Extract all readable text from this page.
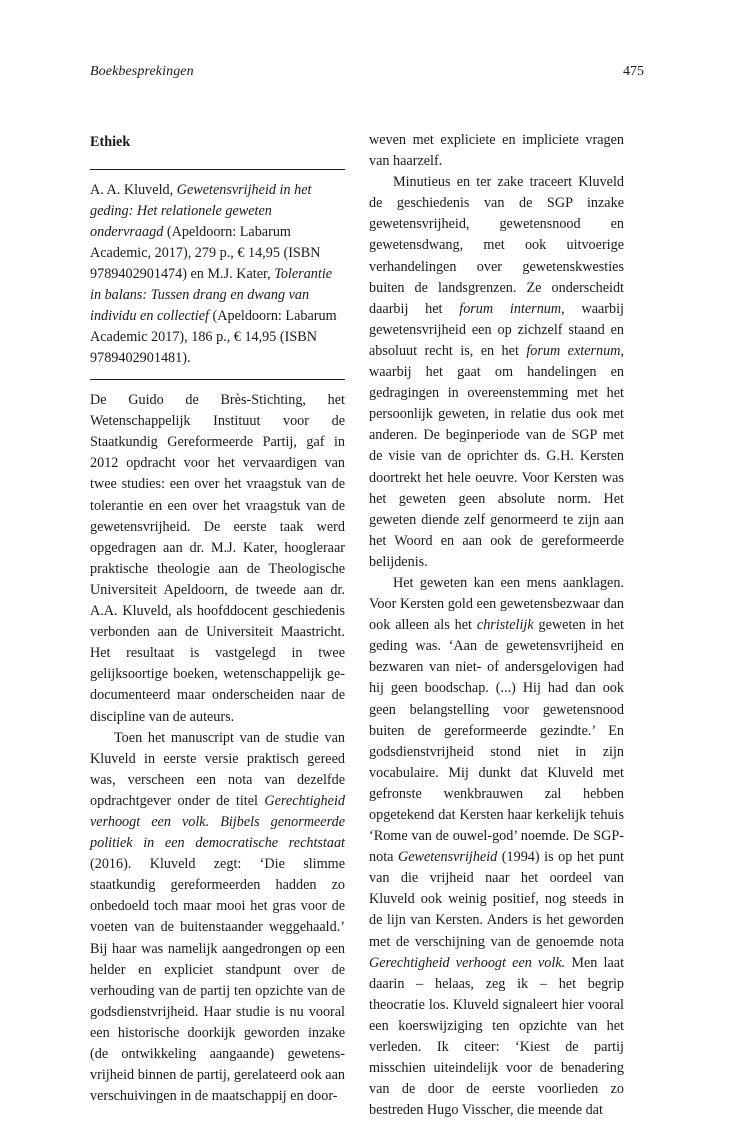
Boekbesprekingen	475
Ethiek

A. A. Kluveld, Gewetensvrijheid in het geding: Het relationele geweten ondervraagd (Apeldoorn: Labarum Academic, 2017), 279 p., € 14,95 (ISBN 9789402901474) en M.J. Kater, Tolerantie in balans: Tussen drang en dwang van individu en collectief (Apeldoorn: Labarum Academic 2017), 186 p., € 14,95 (ISBN 9789402901481).

De Guido de Brès-Stichting, het Wetenschappelijk Instituut voor de Staatkundig Gereformeerde Partij, gaf in 2012 opdracht voor het vervaardigen van twee studies: een over het vraagstuk van de tolerantie en een over het vraagstuk van de gewetensvrijheid. De eerste taak werd opgedragen aan dr. M.J. Kater, hoogleraar praktische theologie aan de Theologische Universiteit Apeldoorn, de tweede aan dr. A.A. Kluveld, als hoofddocent geschiedenis verbonden aan de Universiteit Maastricht. Het resultaat is vastgelegd in twee gelijksoortige boeken, wetenschappelijk gedocumenteerd maar onderscheiden naar de discipline van de auteurs.

Toen het manuscript van de studie van Kluveld in eerste versie praktisch gereed was, verscheen een nota van dezelfde opdrachtgever onder de titel Gerechtigheid verhoogt een volk. Bijbels genormeerde politiek in een democratische rechtstaat (2016). Kluveld zegt: ‘Die slimme staatkundig gereformeerden hadden zo onbedoeld toch maar mooi het gras voor de voeten van de buitenstaander weggehaald.’ Bij haar was namelijk aangedrongen op een helder en expliciet standpunt over de verhouding van de partij ten opzichte van de godsdienstvrijheid. Haar studie is nu vooral een historische doorkijk geworden inzake (de ontwikkeling aangaande) gewetensvrijheid binnen de partij, gerelateerd ook aan verschuivingen in de maatschappij en door-

weven met expliciete en impliciete vragen van haarzelf.

Minutieus en ter zake traceert Kluveld de geschiedenis van de SGP inzake gewetensvrijheid, gewetensnood en gewetensdwang, met ook uitvoerige verhandelingen over gewetenskwesties buiten de landsgrenzen. Ze onderscheidt daarbij het forum internum, waarbij gewetensvrijheid een op zichzelf staand en absoluut recht is, en het forum externum, waarbij het gaat om handelingen en gedragingen in overeenstemming met het persoonlijk geweten, in relatie dus ook met anderen. De beginperiode van de SGP met de visie van de oprichter ds. G.H. Kersten doortrekt het hele oeuvre. Voor Kersten was het geweten geen absolute norm. Het geweten diende zelf genormeerd te zijn aan het Woord en aan ook de gereformeerde belijdenis.

Het geweten kan een mens aanklagen. Voor Kersten gold een gewetensbezwaar dan ook alleen als het christelijk geweten in het geding was. ‘Aan de gewetensvrijheid en bezwaren van niet- of andersgelovigen had hij geen boodschap. (...) Hij had dan ook geen belangstelling voor gewetensnood buiten de gereformeerde gezindte.’ En godsdienstvrijheid stond niet in zijn vocabulaire. Mij dunkt dat Kluveld met gefronste wenkbrauwen zal hebben opgetekend dat Kersten haar kerkelijk tehuis ‘Rome van de ouwel-god’ noemde. De SGP-nota Gewetensvrijheid (1994) is op het punt van die vrijheid naar het oordeel van Kluveld ook weinig positief, nog steeds in de lijn van Kersten. Anders is het geworden met de verschijning van de genoemde nota Gerechtigheid verhoogt een volk. Men laat daarin – helaas, zeg ik – het begrip theocratie los. Kluveld signaleert hier vooral een koerswijziging ten opzichte van het verleden. Ik citeer: ‘Kiest de partij misschien uiteindelijk voor de benadering van de door de eerste voorlieden zo bestreden Hugo Visscher, die meende dat
